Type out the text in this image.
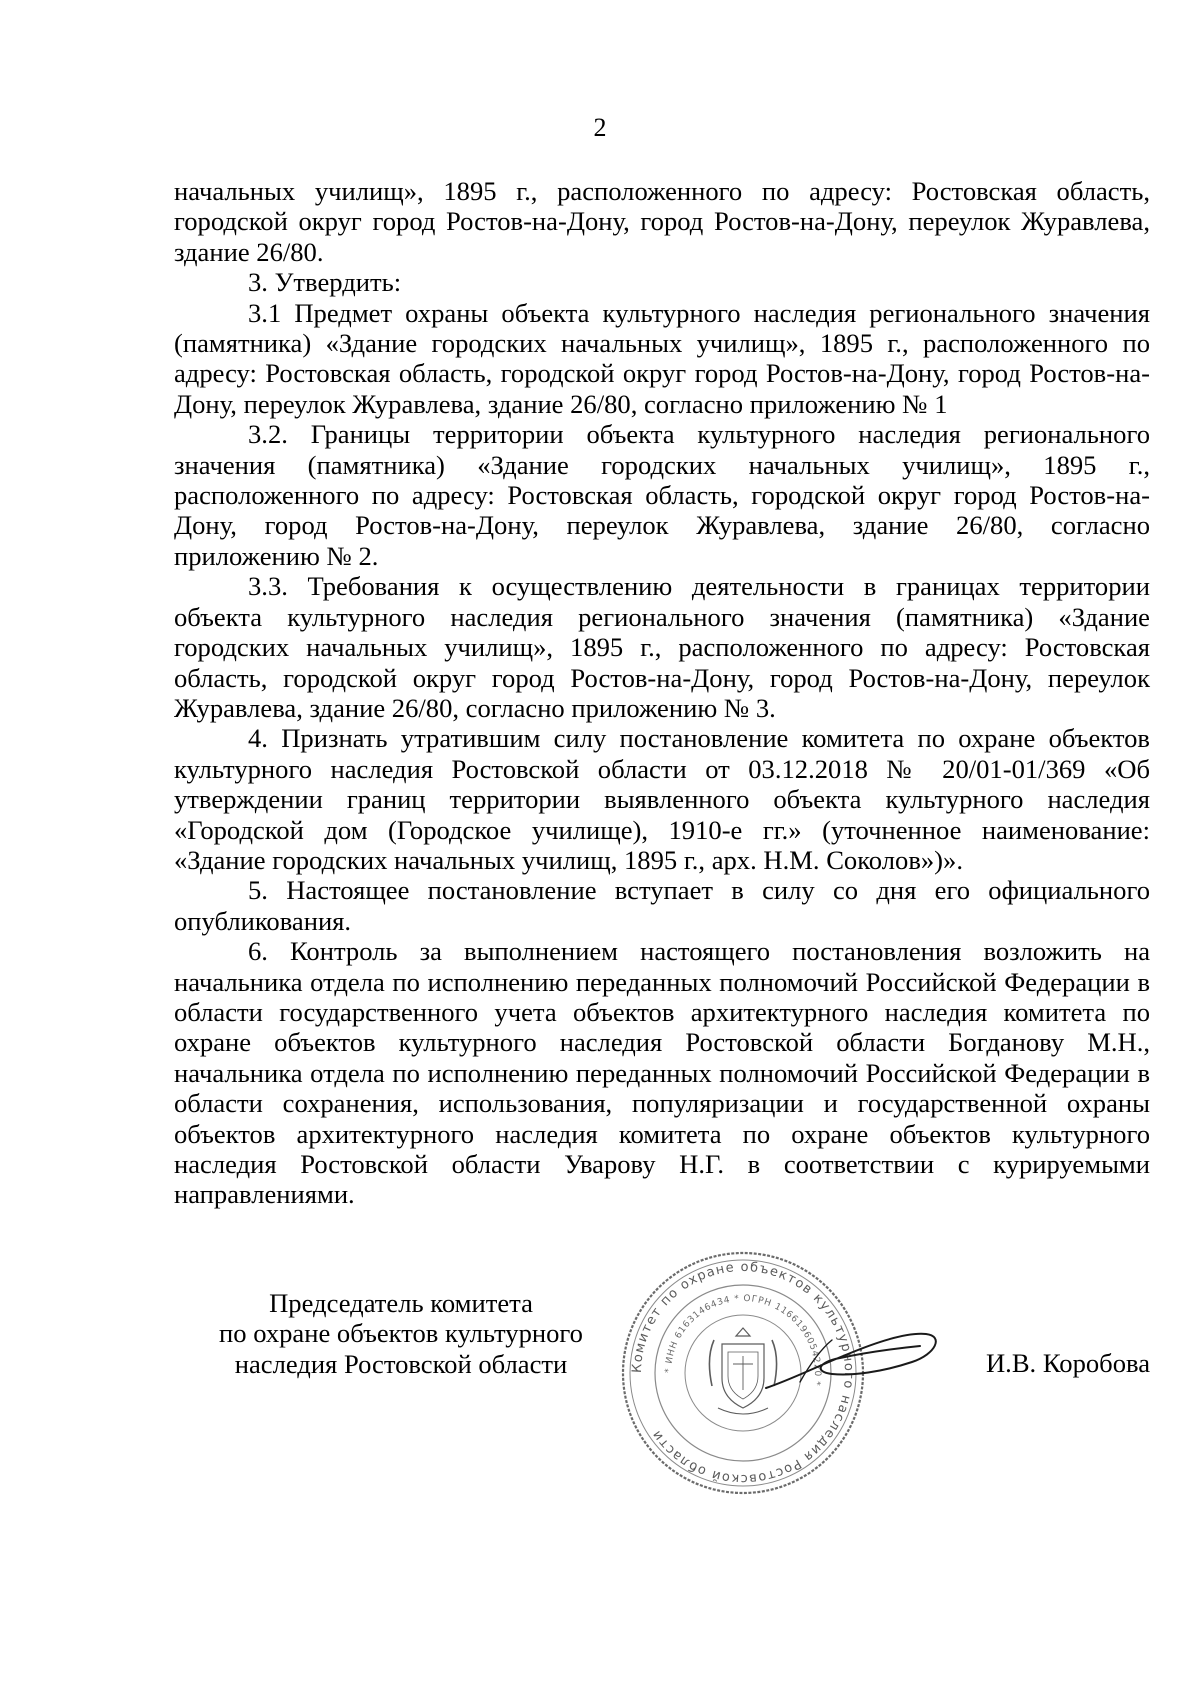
2

начальных училищ», 1895 г., расположенного по адресу: Ростовская область, городской округ город Ростов-на-Дону, город Ростов-на-Дону, переулок Журавлева, здание 26/80.

3. Утвердить:

3.1 Предмет охраны объекта культурного наследия регионального значения (памятника) «Здание городских начальных училищ», 1895 г., расположенного по адресу: Ростовская область, городской округ город Ростов-на-Дону, город Ростов-на-Дону, переулок Журавлева, здание 26/80, согласно приложению № 1

3.2. Границы территории объекта культурного наследия регионального значения (памятника) «Здание городских начальных училищ», 1895 г., расположенного по адресу: Ростовская область, городской округ город Ростов-на-Дону, город Ростов-на-Дону, переулок Журавлева, здание 26/80, согласно приложению № 2.

3.3. Требования к осуществлению деятельности в границах территории объекта культурного наследия регионального значения (памятника) «Здание городских начальных училищ», 1895 г., расположенного по адресу: Ростовская область, городской округ город Ростов-на-Дону, город Ростов-на-Дону, переулок Журавлева, здание 26/80, согласно приложению № 3.

4. Признать утратившим силу постановление комитета по охране объектов культурного наследия Ростовской области от 03.12.2018 № 20/01-01/369 «Об утверждении границ территории выявленного объекта культурного наследия «Городской дом (Городское училище), 1910-е гг.» (уточненное наименование: «Здание городских начальных училищ, 1895 г., арх. Н.М. Соколов»)».

5. Настоящее постановление вступает в силу со дня его официального опубликования.

6. Контроль за выполнением настоящего постановления возложить на начальника отдела по исполнению переданных полномочий Российской Федерации в области государственного учета объектов архитектурного наследия комитета по охране объектов культурного наследия Ростовской области Богданову М.Н., начальника отдела по исполнению переданных полномочий Российской Федерации в области сохранения, использования, популяризации и государственной охраны объектов архитектурного наследия комитета по охране объектов культурного наследия Ростовской области Уварову Н.Г. в соответствии с курируемыми направлениями.

Председатель комитета
по охране объектов культурного
наследия Ростовской области	Комитет по охране объектов культурного наследия Ростовской области
* ИНН 6163146434 * ОГРН 1166196054220 *
И.В. Коробова
